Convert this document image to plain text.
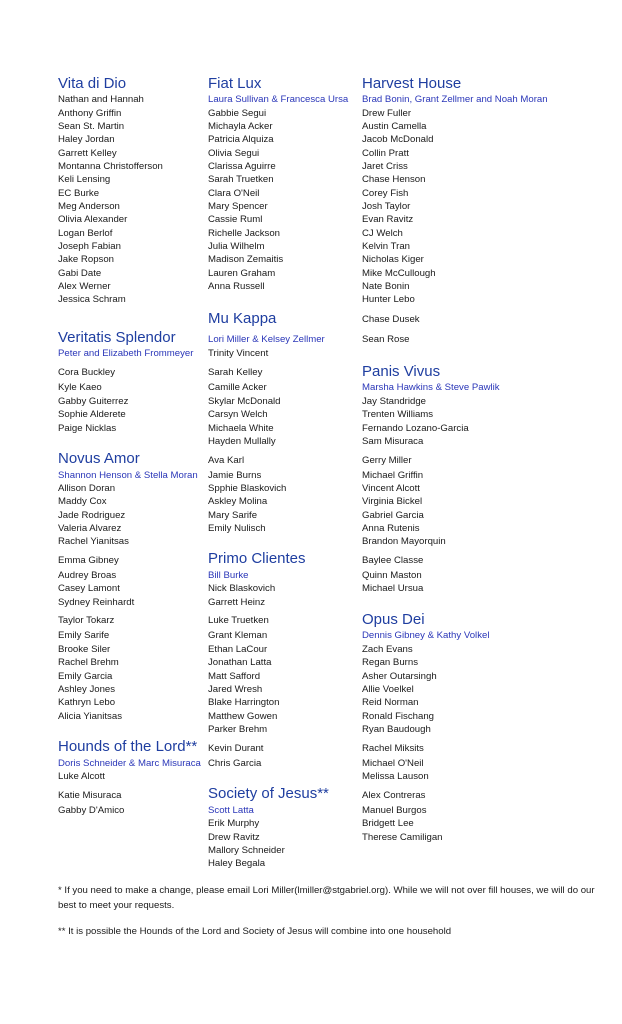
Vita di Dio
Nathan and Hannah
Anthony Griffin
Sean St. Martin
Haley Jordan
Garrett Kelley
Montanna Christofferson
Keli Lensing
EC Burke
Meg Anderson
Olivia Alexander
Logan Berlof
Joseph Fabian
Jake Ropson
Gabi Date
Alex Werner
Jessica Schram
Veritatis Splendor
Peter and Elizabeth Frommeyer
Cora Buckley
Kyle Kaeo
Gabby Guiterrez
Sophie Alderete
Paige Nicklas
Novus Amor
Shannon Henson & Stella Moran
Allison Doran
Maddy Cox
Jade Rodriguez
Valeria Alvarez
Rachel Yianitsas
Emma Gibney
Audrey Broas
Casey Lamont
Sydney Reinhardt
Taylor Tokarz
Emily Sarife
Brooke Siler
Rachel Brehm
Emily Garcia
Ashley Jones
Kathryn Lebo
Alicia Yianitsas
Hounds of the Lord**
Doris Schneider & Marc Misuraca
Luke Alcott
Katie Misuraca
Gabby D'Amico
Fiat Lux
Laura Sullivan & Francesca Ursa
Gabbie Segui
Michayla Acker
Patricia Alquiza
Olivia Segui
Clarissa Aguirre
Sarah Truetken
Clara O'Neil
Mary Spencer
Cassie Ruml
Richelle Jackson
Julia Wilhelm
Madison Zemaitis
Lauren Graham
Anna Russell
Mu Kappa
Lori Miller & Kelsey Zellmer
Trinity Vincent
Sarah Kelley
Camille Acker
Skylar McDonald
Carsyn Welch
Michaela White
Hayden Mullally
Ava Karl
Jamie Burns
Spphie Blaskovich
Askley Molina
Mary Sarife
Emily Nulisch
Primo Clientes
Bill Burke
Nick Blaskovich
Garrett Heinz
Luke Truetken
Grant Kleman
Ethan LaCour
Jonathan Latta
Matt Safford
Jared Wresh
Blake Harrington
Matthew Gowen
Parker Brehm
Kevin Durant
Chris Garcia
Society of Jesus**
Scott Latta
Erik Murphy
Drew Ravitz
Mallory Schneider
Haley Begala
Harvest House
Brad Bonin, Grant Zellmer and Noah Moran
Drew Fuller
Austin Camella
Jacob McDonald
Collin Pratt
Jaret Criss
Chase Henson
Corey Fish
Josh Taylor
Evan Ravitz
CJ Welch
Kelvin Tran
Nicholas Kiger
Mike McCullough
Nate Bonin
Hunter Lebo
Chase Dusek
Sean Rose
Panis Vivus
Marsha Hawkins & Steve Pawlik
Jay Standridge
Trenten Williams
Fernando Lozano-Garcia
Sam Misuraca
Gerry Miller
Michael Griffin
Vincent Alcott
Virginia Bickel
Gabriel Garcia
Anna Rutenis
Brandon Mayorquin
Baylee Classe
Quinn Maston
Michael Ursua
Opus Dei
Dennis Gibney & Kathy Volkel
Zach Evans
Regan Burns
Asher Outarsingh
Allie Voelkel
Reid Norman
Ronald Fischang
Ryan Baudough
Rachel Miksits
Michael O'Neil
Melissa Lauson
Alex Contreras
Manuel Burgos
Bridgett Lee
Therese Camiligan
* If you need to make a change, please email Lori Miller(lmiller@stgabriel.org). While we will not over fill houses, we will do our best to meet your requests.
** It is possible the Hounds of the Lord and Society of Jesus will combine into one household
